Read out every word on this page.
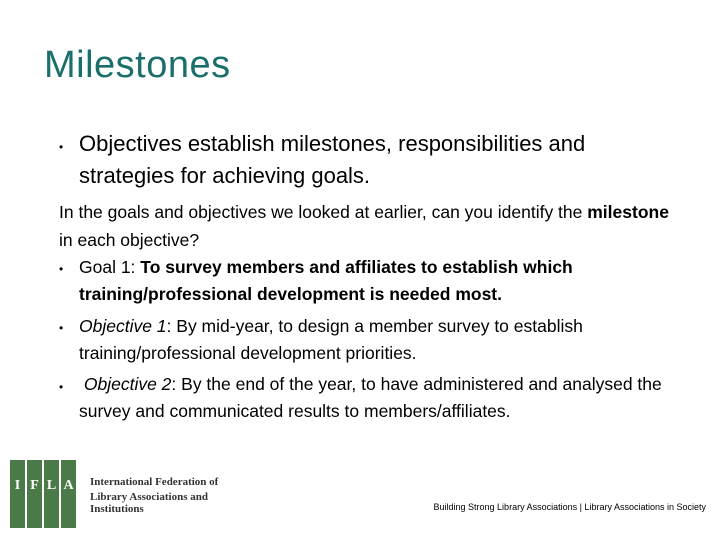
Milestones
• Objectives establish milestones, responsibilities and strategies for achieving goals.
In the goals and objectives we looked at earlier, can you identify the milestone in each objective?
• Goal 1: To survey members and affiliates to establish which training/professional development is needed most.
• Objective 1: By mid-year, to design a member survey to establish training/professional development priorities.
• Objective 2: By the end of the year, to have administered and analysed the survey and communicated results to members/affiliates.
I F L A International Federation of
Library Associations and Institutions	Building Strong Library Associations | Library Associations in Society
